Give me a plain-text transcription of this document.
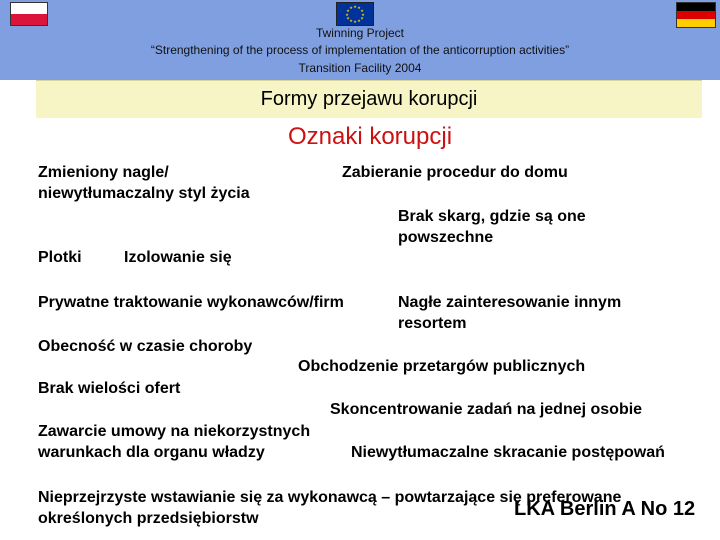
★ ★
★
★
★
★
★
★
★
★
★
★
Twinning Project
“Strengthening of the process of implementation of the anticorruption activities”
Transition Facility 2004
Formy przejawu korupcji
Oznaki korupcji
Zmieniony nagle/
niewytłumaczalny styl życia
Zabieranie procedur do domu
Brak skarg, gdzie są one
powszechne
Plotki	Izolowanie się
Prywatne traktowanie wykonawców/firm	Nagłe zainteresowanie innym
resortem
Obecność w czasie choroby
Obchodzenie przetargów publicznych
Brak wielości ofert
Skoncentrowanie zadań na jednej osobie
Zawarcie umowy na niekorzystnych
warunkach dla organu władzy	Niewytłumaczalne skracanie postępowań
Nieprzejrzyste wstawianie się za wykonawcą – powtarzające się preferowane
określonych przedsiębiorstw	LKA Berlin A No 12
